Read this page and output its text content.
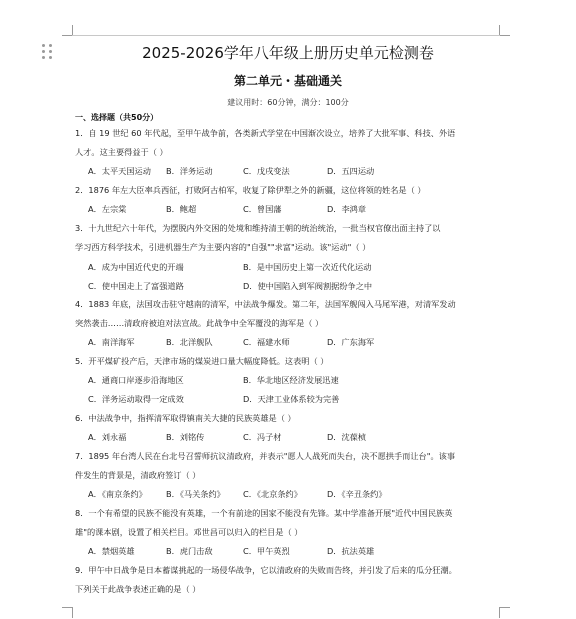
2025-2026学年八年级上册历史单元检测卷
第二单元・基础通关
建议用时：60分钟，满分：100分
一、选择题（共50分）
1．自 19 世纪 60 年代起，至甲午战争前，各类新式学堂在中国渐次设立，培养了大批军事、科技、外语
人才。这主要得益于（ ）
A．太平天国运动 B．洋务运动	C．戊戌变法	D．五四运动
2．1876 年左大臣率兵西征，打败阿古柏军，收复了除伊犁之外的新疆，这位将领的姓名是（ ）
A．左宗棠	B．鲍超	C．曾国藩	D．李鸿章
3．十九世纪六十年代，为摆脱内外交困的处境和维持清王朝的统治统治，一批当权官僚出面主持了以
学习西方科学技术，引进机器生产为主要内容的"自强""求富"运动。该"运动"（ ）
A．成为中国近代史的开端	B．是中国历史上第一次近代化运动
C．使中国走上了富强道路	D．使中国陷入到军阀割据纷争之中
4．1883 年底，法国攻击驻守越南的清军，中法战争爆发。第二年，法国军舰闯入马尾军港，对清军发动
突然袭击……清政府被迫对法宣战。此战争中全军覆没的海军是（ ）
A．南洋海军	B．北洋舰队	C．福建水师	D．广东海军
5．开平煤矿投产后，天津市场的煤炭进口量大幅度降低。这表明（ ）
A．通商口岸逐步沿海地区	B．华北地区经济发展迅速
C．洋务运动取得一定成效	D．天津工业体系较为完善
6．中法战争中，指挥清军取得镇南关大捷的民族英雄是（ ）
A．刘永福	B．刘铭传	C．冯子材	D．沈葆桢
7．1895 年台湾人民在台北号召誓师抗议清政府，并表示"愿人人战死而失台，决不愿拱手而让台"。该事
件发生的背景是，清政府签订（ ）
A．《南京条约》 B．《马关条约》 C．《北京条约》	D．《辛丑条约》
8．一个有希望的民族不能没有英雄，一个有前途的国家不能没有先锋。某中学准备开展"近代中国民族英
雄"的课本剧，设置了相关栏目。邓世昌可以归入的栏目是（ ）
A．禁烟英雄	B．虎门击敌	C．甲午英烈	D．抗法英雄
9．甲午中日战争是日本蓄谋挑起的一场侵华战争，它以清政府的失败而告终，并引发了后来的瓜分狂潮。
下列关于此战争表述正确的是（ ）
